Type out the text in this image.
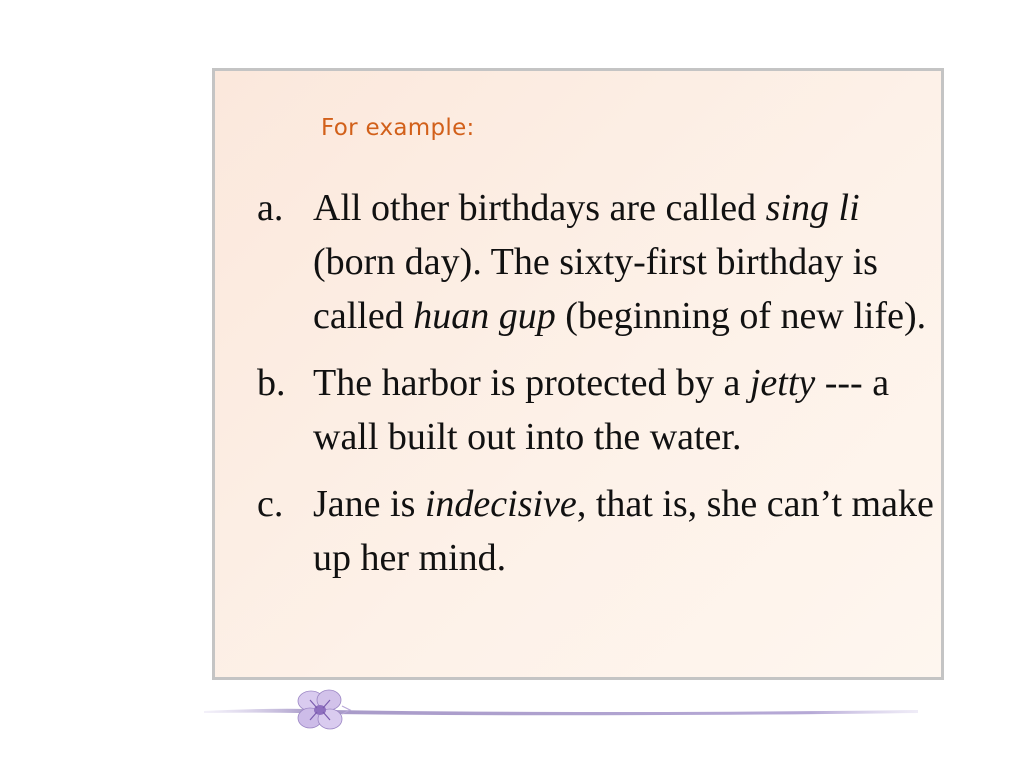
For example:
a. All other birthdays are called sing li (born day). The sixty-first birthday is called huan gup (beginning of new life).
b. The harbor is protected by a jetty --- a wall built out into the water.
c. Jane is indecisive, that is, she can’t make up her mind.
